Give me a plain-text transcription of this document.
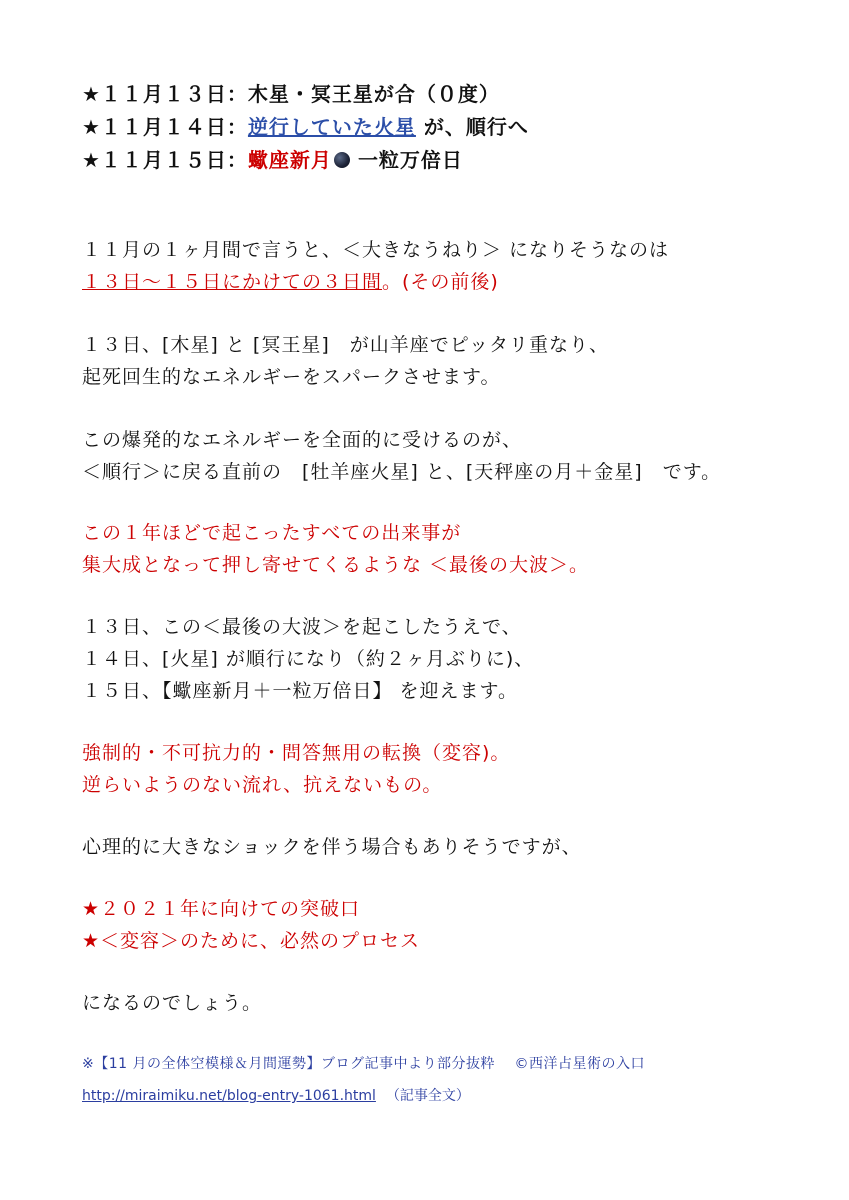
★１１月１３日：木星・冥王星が合（０度）
★１１月１４日：逆行していた火星 が、順行へ
★１１月１５日：蠍座新月 一粒万倍日
１１月の１ヶ月間で言うと、＜大きなうねり＞ になりそうなのは
１３日～１５日にかけての３日間。(その前後)
１３日、[木星] と [冥王星]　が山羊座でピッタリ重なり、
起死回生的なエネルギーをスパークさせます。
この爆発的なエネルギーを全面的に受けるのが、
＜順行＞に戻る直前の　[牡羊座火星] と、[天秤座の月＋金星]　です。
この１年ほどで起こったすべての出来事が
集大成となって押し寄せてくるような ＜最後の大波＞。
１３日、この＜最後の大波＞を起こしたうえで、
１４日、[火星] が順行になり（約２ヶ月ぶりに)、
１５日、【蠍座新月＋一粒万倍日】 を迎えます。
強制的・不可抗力的・問答無用の転換（変容)。
逆らいようのない流れ、抗えないもの。
心理的に大きなショックを伴う場合もありそうですが、
★２０２１年に向けての突破口
★＜変容＞のために、必然のプロセス
になるのでしょう。
※【11 月の全体空模様＆月間運勢】ブログ記事中より部分抜粋　 ©西洋占星術の入口
http://miraimiku.net/blog-entry-1061.html （記事全文）
